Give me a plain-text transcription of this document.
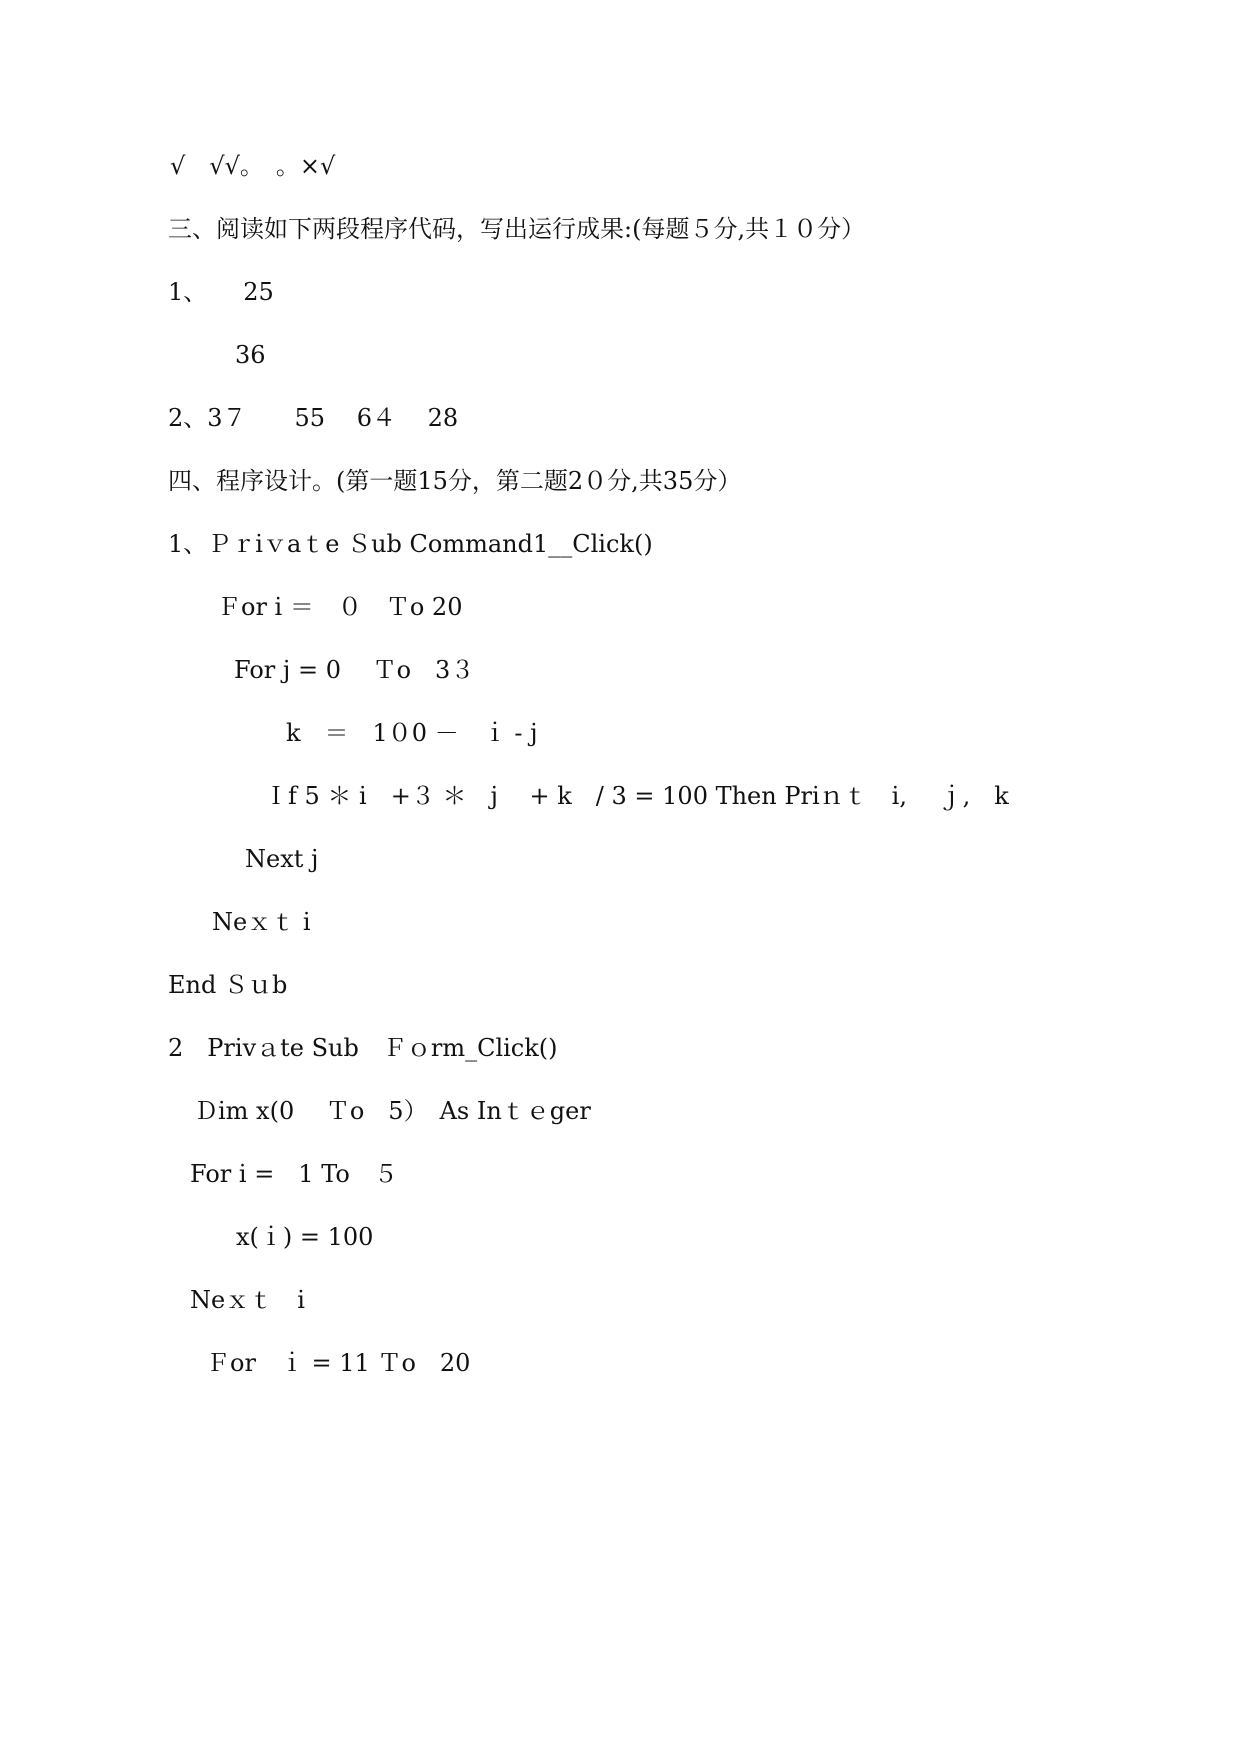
√　√√。　。×√
三、阅读如下两段程序代码，写出运行成果:(每题５分,共１０分）
1、　　25
36
2、3７　　55　 6４　 28
四、程序设计。(第一题15分，第二题2０分,共35分）
1、Ｐｒiｖaｔe Ｓub Command1__Click()
Ｆor i ＝　０　Ｔo 20
For j = 0　 Ｔo　3３
k　＝　1０0 －　ｉ - j
Ｉf 5 ＊ i　+３ ＊　j 　+ k　/ 3 = 100 Then Priｎｔ　i,　 ｊ,　k
Next j
Neｘｔ i
End Ｓｕb
2　Privａte Sub　Ｆｏrm_Click()
Ｄim x(0 　Ｔo　5）　As Inｔｅger
For i =　1 To　５
x(ｉ) = 100
Neｘｔ　i
Ｆor　ｉ = 11 Ｔo　20
